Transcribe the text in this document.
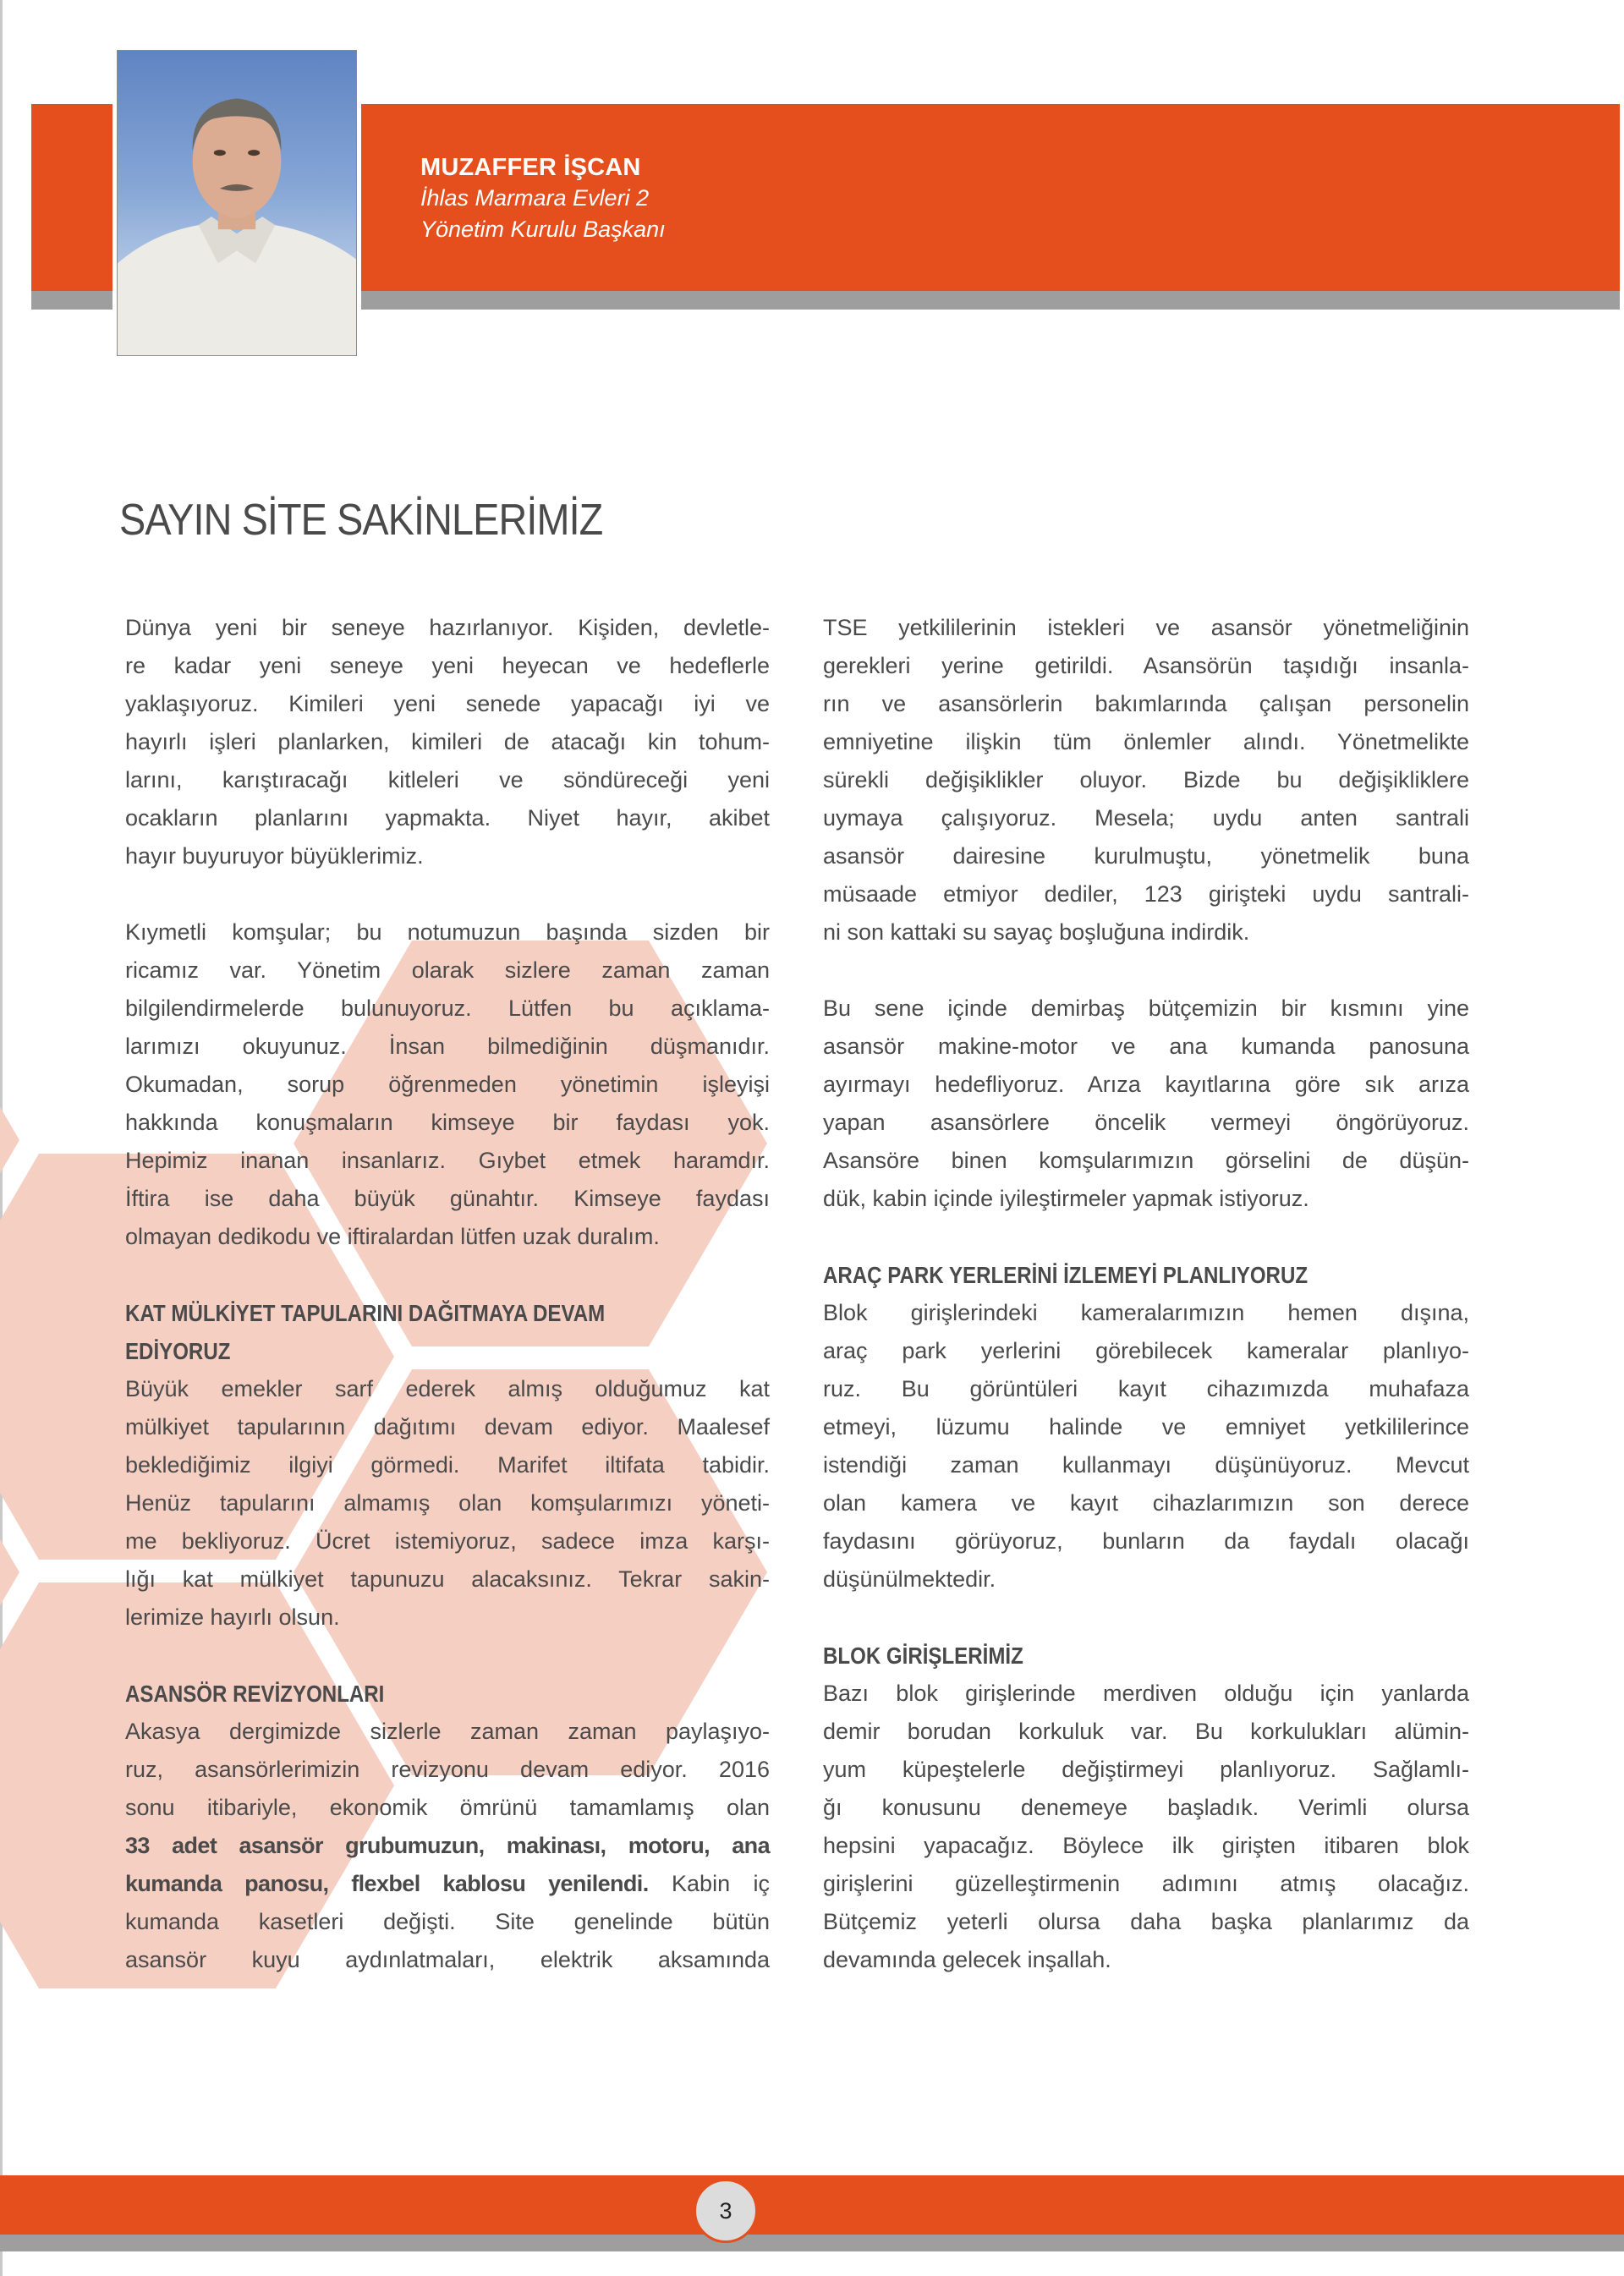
MUZAFFER İŞCAN
İhlas Marmara Evleri 2
Yönetim Kurulu Başkanı
SAYIN SİTE SAKİNLERİMİZ
Dünya yeni bir seneye hazırlanıyor. Kişiden, devletle-
re kadar yeni seneye yeni heyecan ve hedeflerle
yaklaşıyoruz. Kimileri yeni senede yapacağı iyi ve
hayırlı işleri planlarken, kimileri de atacağı kin tohum-
larını, karıştıracağı kitleleri ve söndüreceği yeni
ocakların planlarını yapmakta. Niyet hayır, akibet
hayır buyuruyor büyüklerimiz.
Kıymetli komşular; bu notumuzun başında sizden bir
ricamız var. Yönetim olarak sizlere zaman zaman
bilgilendirmelerde bulunuyoruz. Lütfen bu açıklama-
larımızı okuyunuz. İnsan bilmediğinin düşmanıdır.
Okumadan, sorup öğrenmeden yönetimin işleyişi
hakkında konuşmaların kimseye bir faydası yok.
Hepimiz inanan insanlarız. Gıybet etmek haramdır.
İftira ise daha büyük günahtır. Kimseye faydası
olmayan dedikodu ve iftiralardan lütfen uzak duralım.
KAT MÜLKİYET TAPULARINI DAĞITMAYA DEVAM
EDİYORUZ
Büyük emekler sarf ederek almış olduğumuz kat
mülkiyet tapularının dağıtımı devam ediyor. Maalesef
beklediğimiz ilgiyi görmedi. Marifet iltifata tabidir.
Henüz tapularını almamış olan komşularımızı yöneti-
me bekliyoruz. Ücret istemiyoruz, sadece imza karşı-
lığı kat mülkiyet tapunuzu alacaksınız. Tekrar sakin-
lerimize hayırlı olsun.
ASANSÖR REVİZYONLARI
Akasya dergimizde sizlerle zaman zaman paylaşıyo-
ruz, asansörlerimizin revizyonu devam ediyor. 2016
sonu itibariyle, ekonomik ömrünü tamamlamış olan
33 adet asansör grubumuzun, makinası, motoru, ana
kumanda panosu, flexbel kablosu yenilendi. Kabin iç
kumanda kasetleri değişti. Site genelinde bütün
asansör kuyu aydınlatmaları, elektrik aksamında
TSE yetkililerinin istekleri ve asansör yönetmeliğinin
gerekleri yerine getirildi. Asansörün taşıdığı insanla-
rın ve asansörlerin bakımlarında çalışan personelin
emniyetine ilişkin tüm önlemler alındı. Yönetmelikte
sürekli değişiklikler oluyor. Bizde bu değişikliklere
uymaya çalışıyoruz. Mesela; uydu anten santrali
asansör dairesine kurulmuştu, yönetmelik buna
müsaade etmiyor dediler, 123 girişteki uydu santrali-
ni son kattaki su sayaç boşluğuna indirdik.
Bu sene içinde demirbaş bütçemizin bir kısmını yine
asansör makine-motor ve ana kumanda panosuna
ayırmayı hedefliyoruz. Arıza kayıtlarına göre sık arıza
yapan asansörlere öncelik vermeyi öngörüyoruz.
Asansöre binen komşularımızın görselini de düşün-
dük, kabin içinde iyileştirmeler yapmak istiyoruz.
ARAÇ PARK YERLERİNİ İZLEMEYİ PLANLIYORUZ
Blok girişlerindeki kameralarımızın hemen dışına,
araç park yerlerini görebilecek kameralar planlıyo-
ruz. Bu görüntüleri kayıt cihazımızda muhafaza
etmeyi, lüzumu halinde ve emniyet yetkililerince
istendiği zaman kullanmayı düşünüyoruz. Mevcut
olan kamera ve kayıt cihazlarımızın son derece
faydasını görüyoruz, bunların da faydalı olacağı
düşünülmektedir.
BLOK GİRİŞLERİMİZ
Bazı blok girişlerinde merdiven olduğu için yanlarda
demir borudan korkuluk var. Bu korkulukları alümin-
yum küpeştelerle değiştirmeyi planlıyoruz. Sağlamlı-
ğı konusunu denemeye başladık. Verimli olursa
hepsini yapacağız. Böylece ilk girişten itibaren blok
girişlerini güzelleştirmenin adımını atmış olacağız.
Bütçemiz yeterli olursa daha başka planlarımız da
devamında gelecek inşallah.
3
